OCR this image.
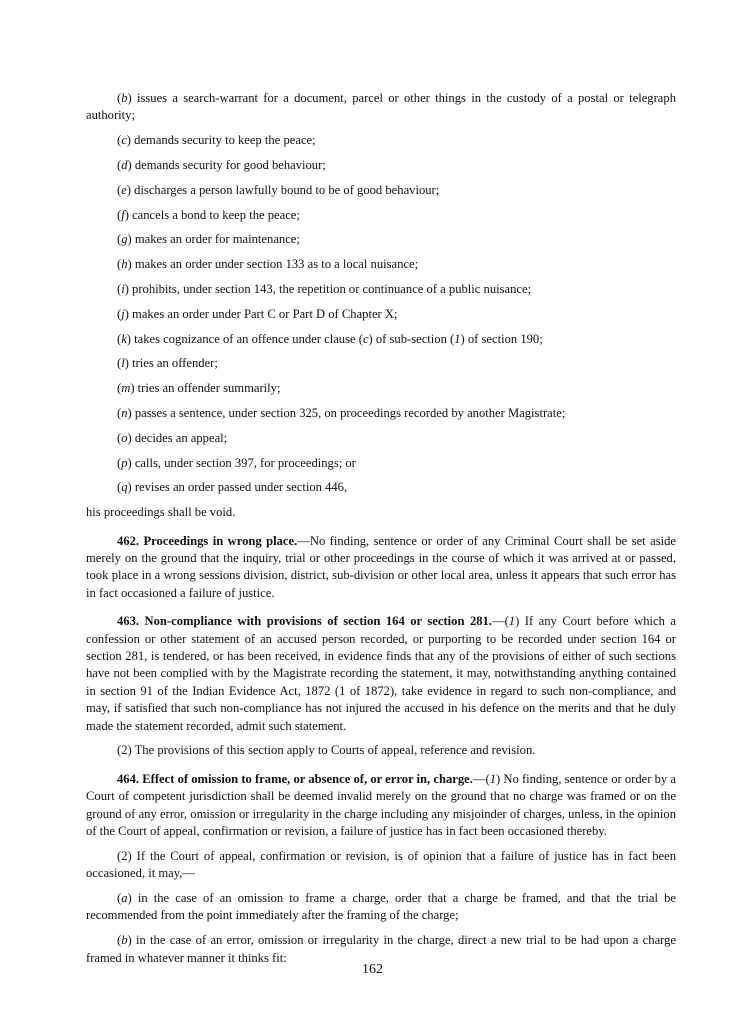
(b) issues a search-warrant for a document, parcel or other things in the custody of a postal or telegraph authority;

(c) demands security to keep the peace;

(d) demands security for good behaviour;

(e) discharges a person lawfully bound to be of good behaviour;

(f) cancels a bond to keep the peace;

(g) makes an order for maintenance;

(h) makes an order under section 133 as to a local nuisance;

(i) prohibits, under section 143, the repetition or continuance of a public nuisance;

(j) makes an order under Part C or Part D of Chapter X;

(k) takes cognizance of an offence under clause (c) of sub-section (1) of section 190;

(l) tries an offender;

(m) tries an offender summarily;

(n) passes a sentence, under section 325, on proceedings recorded by another Magistrate;

(o) decides an appeal;

(p) calls, under section 397, for proceedings; or

(q) revises an order passed under section 446,

his proceedings shall be void.

462. Proceedings in wrong place.—No finding, sentence or order of any Criminal Court shall be set aside merely on the ground that the inquiry, trial or other proceedings in the course of which it was arrived at or passed, took place in a wrong sessions division, district, sub-division or other local area, unless it appears that such error has in fact occasioned a failure of justice.

463. Non-compliance with provisions of section 164 or section 281.—(1) If any Court before which a confession or other statement of an accused person recorded, or purporting to be recorded under section 164 or section 281, is tendered, or has been received, in evidence finds that any of the provisions of either of such sections have not been complied with by the Magistrate recording the statement, it may, notwithstanding anything contained in section 91 of the Indian Evidence Act, 1872 (1 of 1872), take evidence in regard to such non-compliance, and may, if satisfied that such non-compliance has not injured the accused in his defence on the merits and that he duly made the statement recorded, admit such statement.

(2) The provisions of this section apply to Courts of appeal, reference and revision.

464. Effect of omission to frame, or absence of, or error in, charge.—(1) No finding, sentence or order by a Court of competent jurisdiction shall be deemed invalid merely on the ground that no charge was framed or on the ground of any error, omission or irregularity in the charge including any misjoinder of charges, unless, in the opinion of the Court of appeal, confirmation or revision, a failure of justice has in fact been occasioned thereby.

(2) If the Court of appeal, confirmation or revision, is of opinion that a failure of justice has in fact been occasioned, it may,—

(a) in the case of an omission to frame a charge, order that a charge be framed, and that the trial be recommended from the point immediately after the framing of the charge;

(b) in the case of an error, omission or irregularity in the charge, direct a new trial to be had upon a charge framed in whatever manner it thinks fit:

162
